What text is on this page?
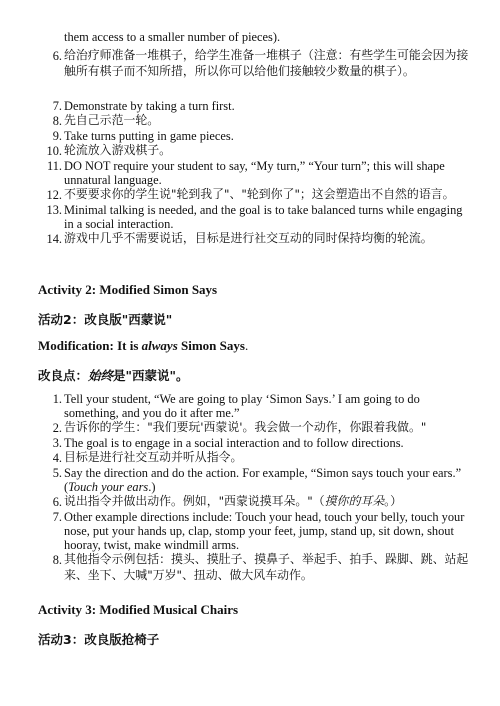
them access to a smaller number of pieces).
6. 给治疗师准备一堆棋子，给学生准备一堆棋子（注意：有些学生可能会因为接触所有棋子而不知所措，所以你可以给他们接触较少数量的棋子）。
7. Demonstrate by taking a turn first.
8. 先自己示范一轮。
9. Take turns putting in game pieces.
10. 轮流放入游戏棋子。
11. DO NOT require your student to say, “My turn,” “Your turn”; this will shape unnatural language.
12. 不要要求你的学生说"轮到我了"、"轮到你了"；这会塑造出不自然的语言。
13. Minimal talking is needed, and the goal is to take balanced turns while engaging in a social interaction.
14. 游戏中几乎不需要说话，目标是进行社交互动的同时保持均衡的轮流。
Activity 2: Modified Simon Says
活动2：改良版"西蒙说"
Modification: It is always Simon Says.
改良点：始终是"西蒙说"。
1. Tell your student, “We are going to play ‘Simon Says.’ I am going to do something, and you do it after me.”
2. 告诉你的学生："我们要玩'西蒙说'。我会做一个动作，你跟着我做。"
3. The goal is to engage in a social interaction and to follow directions.
4. 目标是进行社交互动并听从指令。
5. Say the direction and do the action. For example, “Simon says touch your ears.” (Touch your ears.)
6. 说出指令并做出动作。例如，"西蒙说摸耳朵。"（摸你的耳朵。）
7. Other example directions include: Touch your head, touch your belly, touch your nose, put your hands up, clap, stomp your feet, jump, stand up, sit down, shout hooray, twist, make windmill arms.
8. 其他指令示例包括：摸头、摸肚子、摸鼻子、举起手、拍手、跺脚、跳、站起来、坐下、大喊"万岁"、扭动、做大风车动作。
Activity 3: Modified Musical Chairs
活动3：改良版抢椅子
